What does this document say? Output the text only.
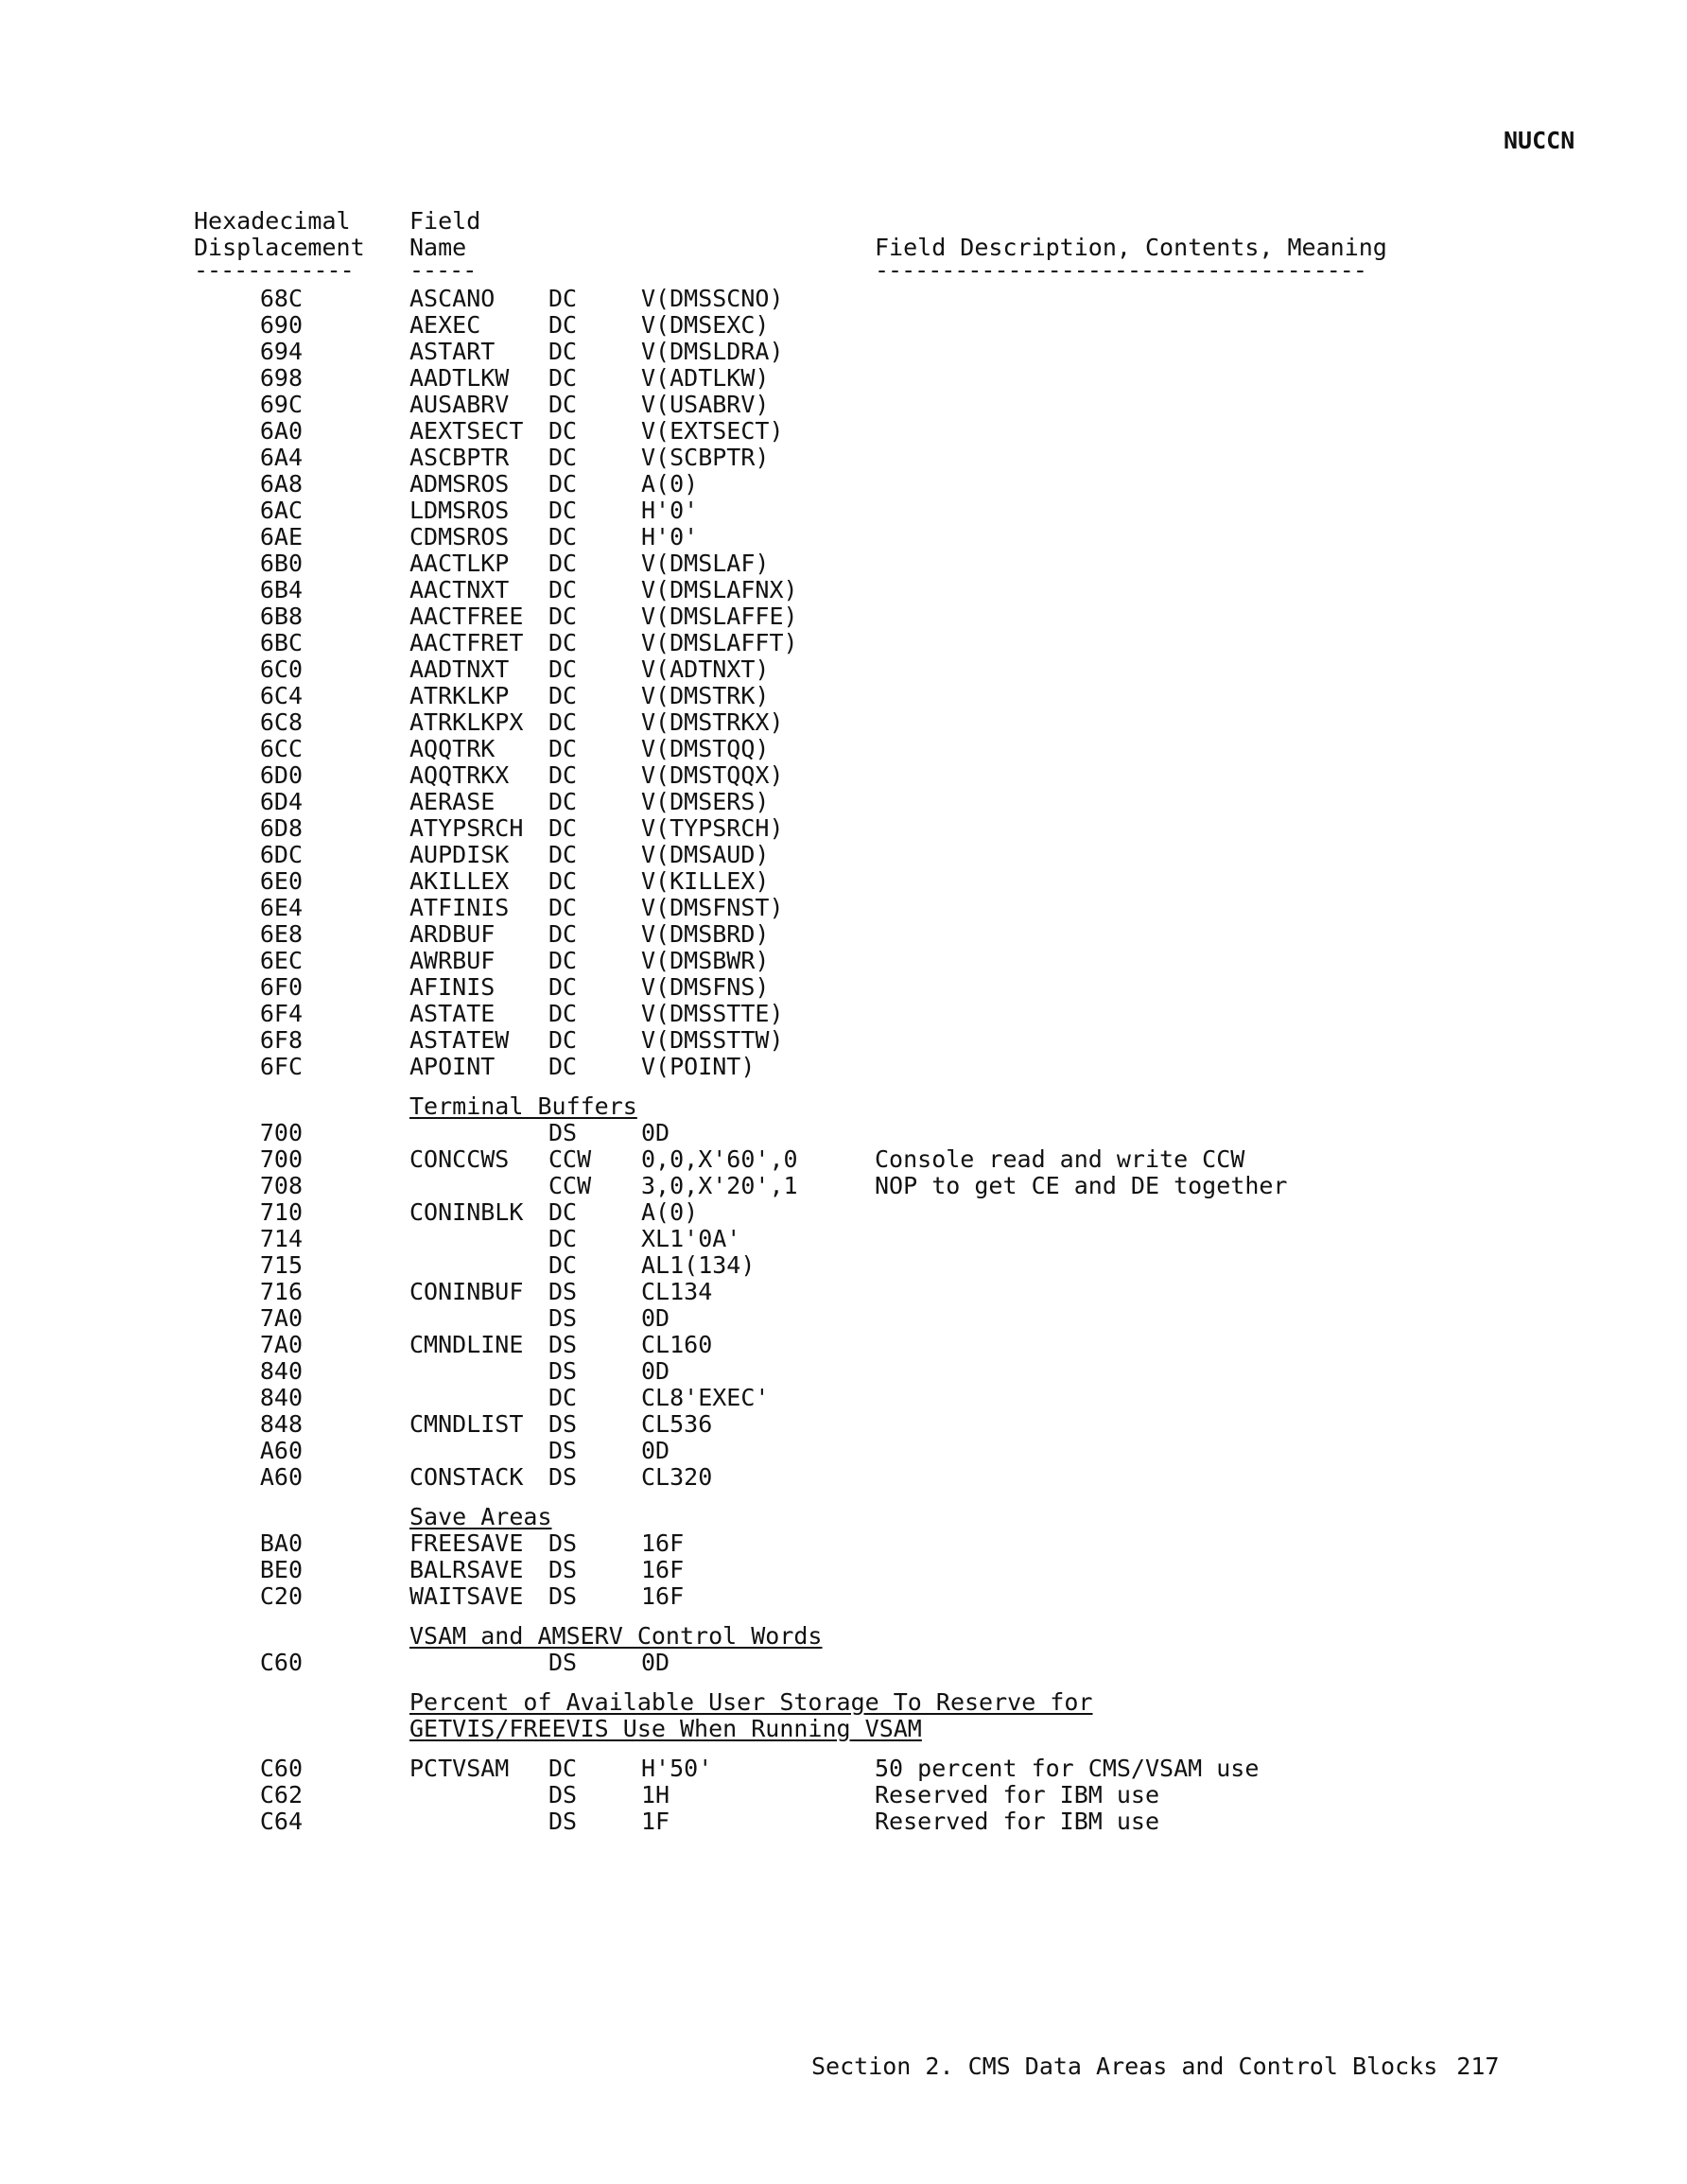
NUCCN
Hexadecimal
Displacement
------------
Field
Name
-----
Field Description, Contents, Meaning
-------------------------------------
68C	ASCANO DC	V(DMSSCNO)
690	AEXEC	DC	V(DMSEXC)
694	ASTART DC	V(DMSLDRA)
698	AADTLKW DC	V(ADTLKW)
69C	AUSABRV DC	V(USABRV)
6A0	AEXTSECT DC	V(EXTSECT)
6A4	ASCBPTR DC	V(SCBPTR)
6A8	ADMSROS DC	A(0)
6AC	LDMSROS DC	H'0'
6AE	CDMSROS DC	H'0'
6B0	AACTLKP DC	V(DMSLAF)
6B4	AACTNXT DC	V(DMSLAFNX)
6B8	AACTFREE DC	V(DMSLAFFE)
6BC	AACTFRET DC	V(DMSLAFFT)
6C0	AADTNXT DC	V(ADTNXT)
6C4	ATRKLKP DC	V(DMSTRK)
6C8	ATRKLKPX DC	V(DMSTRKX)
6CC	AQQTRK DC	V(DMSTQQ)
6D0	AQQTRKX DC	V(DMSTQQX)
6D4	AERASE DC	V(DMSERS)
6D8	ATYPSRCH DC	V(TYPSRCH)
6DC	AUPDISK DC	V(DMSAUD)
6E0	AKILLEX DC	V(KILLEX)
6E4	ATFINIS DC	V(DMSFNST)
6E8	ARDBUF DC	V(DMSBRD)
6EC	AWRBUF DC	V(DMSBWR)
6F0	AFINIS DC	V(DMSFNS)
6F4	ASTATE DC	V(DMSSTTE)
6F8	ASTATEW DC	V(DMSSTTW)
6FC	APOINT DC	V(POINT)
Terminal Buffers
700	DS	0D
700	CONCCWS CCW 0,0,X'60',0	Console read and write CCW
708	CCW 3,0,X'20',1	NOP to get CE and DE together
710	CONINBLK DC	A(0)
714	DC	XL1'0A'
715	DC	AL1(134)
716	CONINBUF DS	CL134
7A0	DS	0D
7A0	CMNDLINE DS	CL160
840	DS	0D
840	DC	CL8'EXEC'
848	CMNDLIST DS	CL536
A60	DS	0D
A60	CONSTACK DS	CL320
Save Areas
BA0	FREESAVE DS	16F
BE0	BALRSAVE DS	16F
C20	WAITSAVE DS	16F
VSAM and AMSERV Control Words
C60	DS	0D
Percent of Available User Storage To Reserve for
GETVIS/FREEVIS Use When Running VSAM
C60	PCTVSAM DC	H'50'	50 percent for CMS/VSAM use
C62	DS	1H	Reserved for IBM use
C64	DS	1F	Reserved for IBM use
Section 2. CMS Data Areas and Control Blocks 217
